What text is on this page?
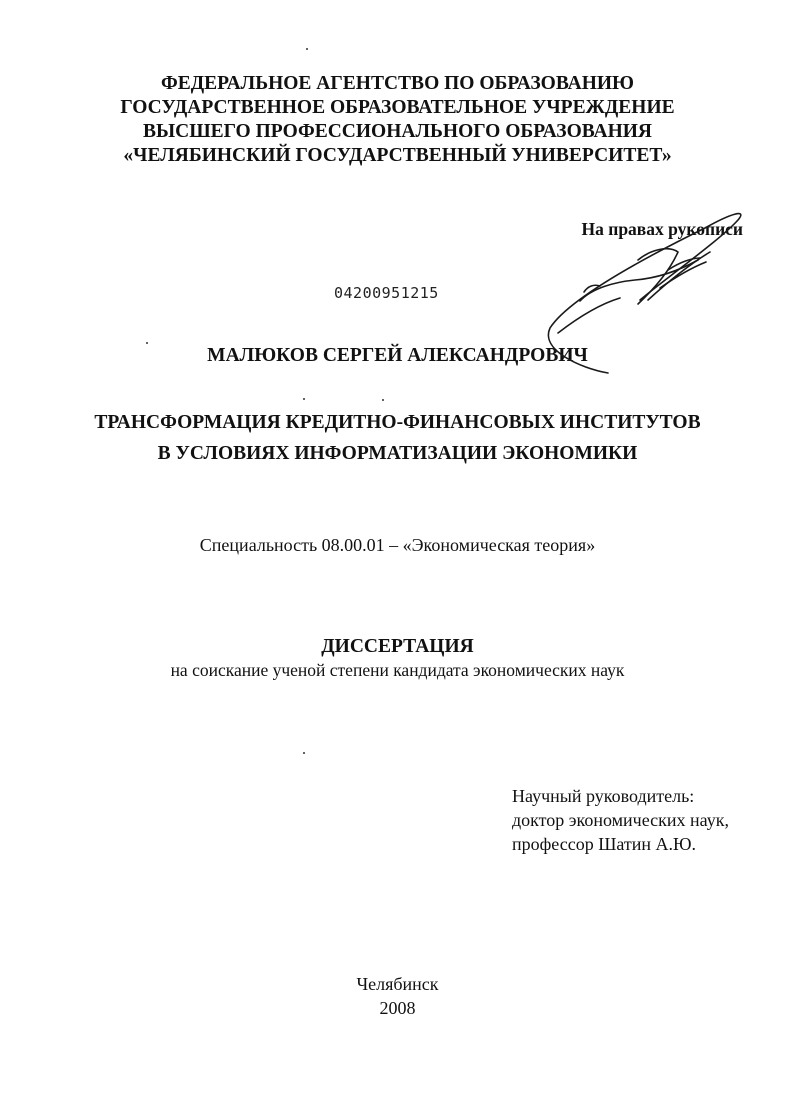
ФЕДЕРАЛЬНОЕ АГЕНТСТВО ПО ОБРАЗОВАНИЮ
ГОСУДАРСТВЕННОЕ ОБРАЗОВАТЕЛЬНОЕ УЧРЕЖДЕНИЕ
ВЫСШЕГО ПРОФЕССИОНАЛЬНОГО ОБРАЗОВАНИЯ
«ЧЕЛЯБИНСКИЙ ГОСУДАРСТВЕННЫЙ УНИВЕРСИТЕТ»
На правах рукописи
04200951215
МАЛЮКОВ СЕРГЕЙ АЛЕКСАНДРОВИЧ
ТРАНСФОРМАЦИЯ КРЕДИТНО-ФИНАНСОВЫХ ИНСТИТУТОВ
В УСЛОВИЯХ ИНФОРМАТИЗАЦИИ ЭКОНОМИКИ
Специальность 08.00.01 – «Экономическая теория»
ДИССЕРТАЦИЯ
на соискание ученой степени кандидата экономических наук
Научный руководитель:
доктор экономических наук,
профессор Шатин А.Ю.
Челябинск
2008
